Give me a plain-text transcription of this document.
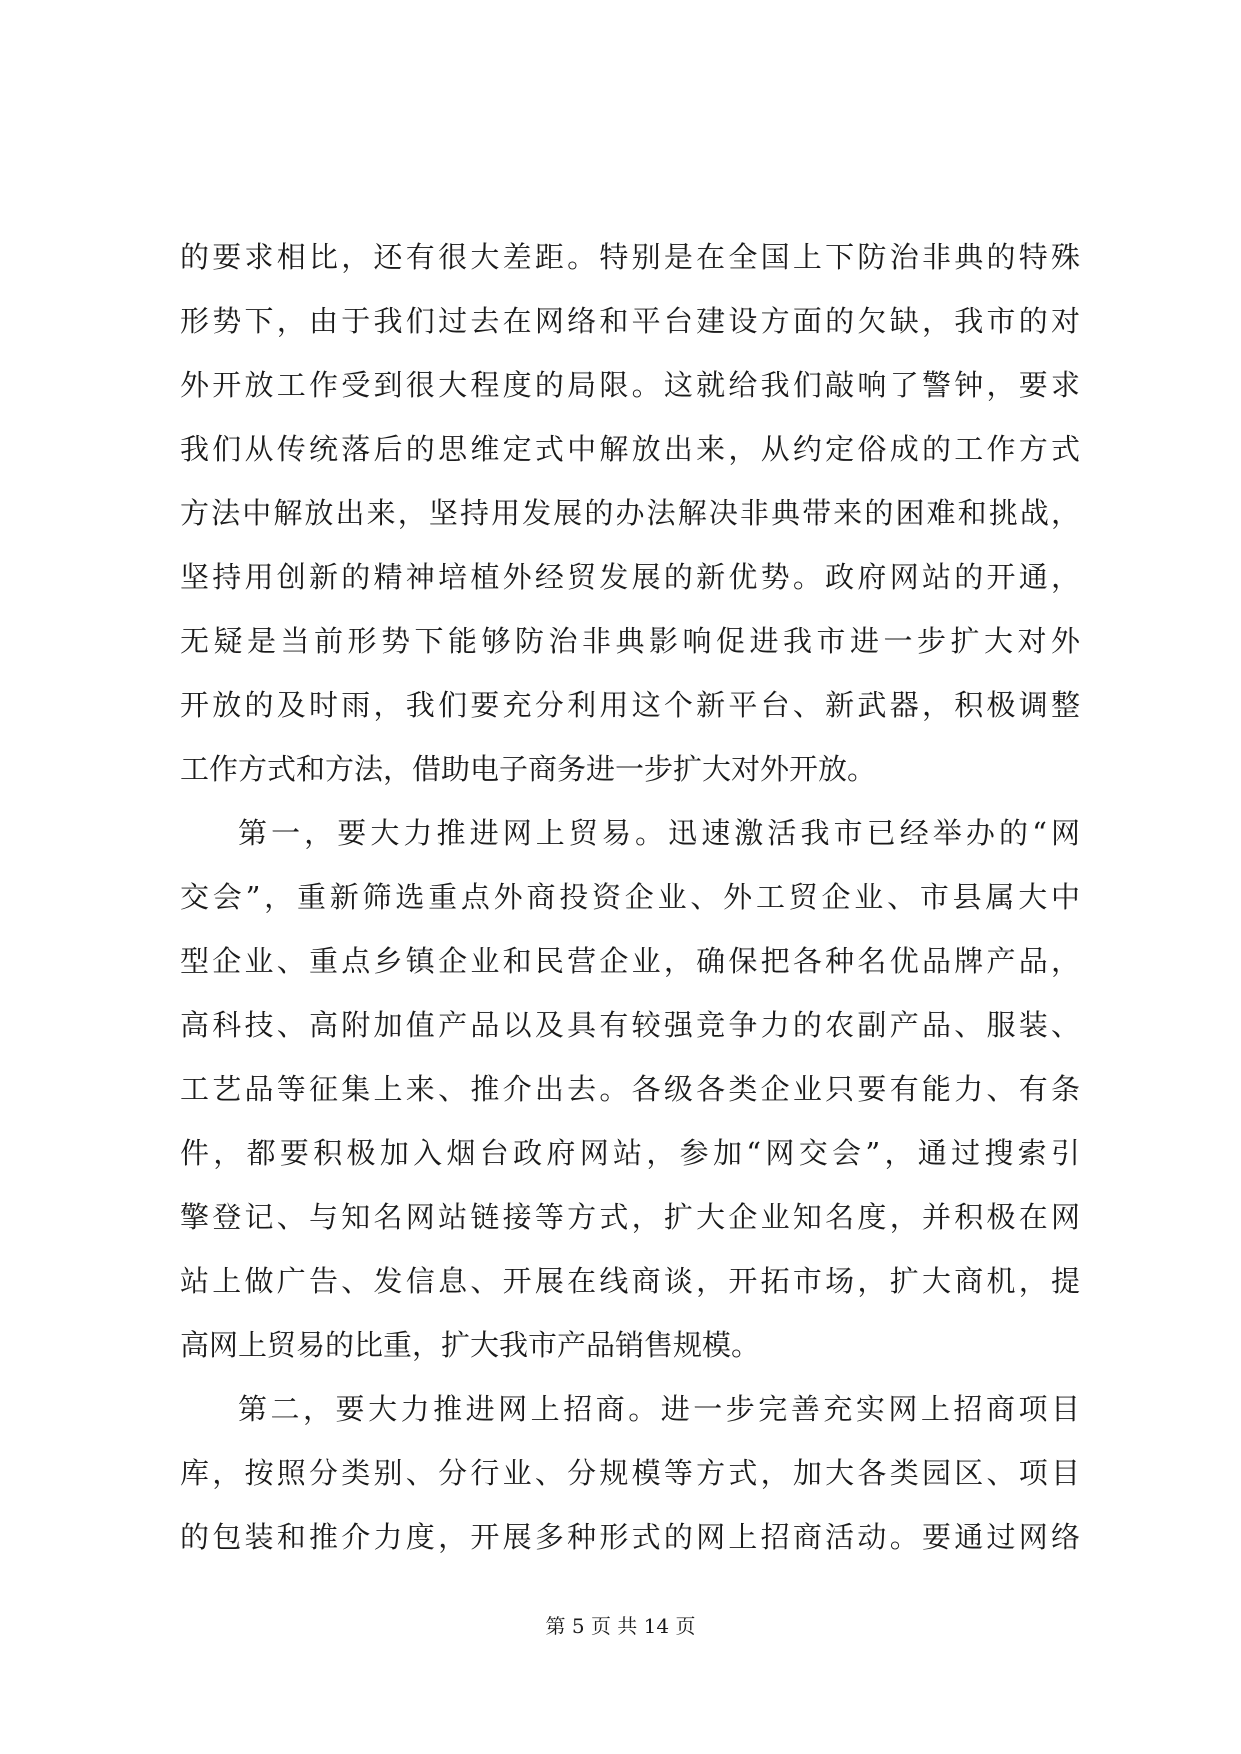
的要求相比，还有很大差距。特别是在全国上下防治非典的特殊
形势下，由于我们过去在网络和平台建设方面的欠缺，我市的对
外开放工作受到很大程度的局限。这就给我们敲响了警钟，要求
我们从传统落后的思维定式中解放出来，从约定俗成的工作方式
方法中解放出来，坚持用发展的办法解决非典带来的困难和挑战，
坚持用创新的精神培植外经贸发展的新优势。政府网站的开通，
无疑是当前形势下能够防治非典影响促进我市进一步扩大对外
开放的及时雨，我们要充分利用这个新平台、新武器，积极调整
工作方式和方法，借助电子商务进一步扩大对外开放。
第一，要大力推进网上贸易。迅速激活我市已经举办的“网
交会”，重新筛选重点外商投资企业、外工贸企业、市县属大中
型企业、重点乡镇企业和民营企业，确保把各种名优品牌产品，
高科技、高附加值产品以及具有较强竞争力的农副产品、服装、
工艺品等征集上来、推介出去。各级各类企业只要有能力、有条
件，都要积极加入烟台政府网站，参加“网交会”，通过搜索引
擎登记、与知名网站链接等方式，扩大企业知名度，并积极在网
站上做广告、发信息、开展在线商谈，开拓市场，扩大商机，提
高网上贸易的比重，扩大我市产品销售规模。
第二，要大力推进网上招商。进一步完善充实网上招商项目
库，按照分类别、分行业、分规模等方式，加大各类园区、项目
的包装和推介力度，开展多种形式的网上招商活动。要通过网络
第 5 页 共 14 页
